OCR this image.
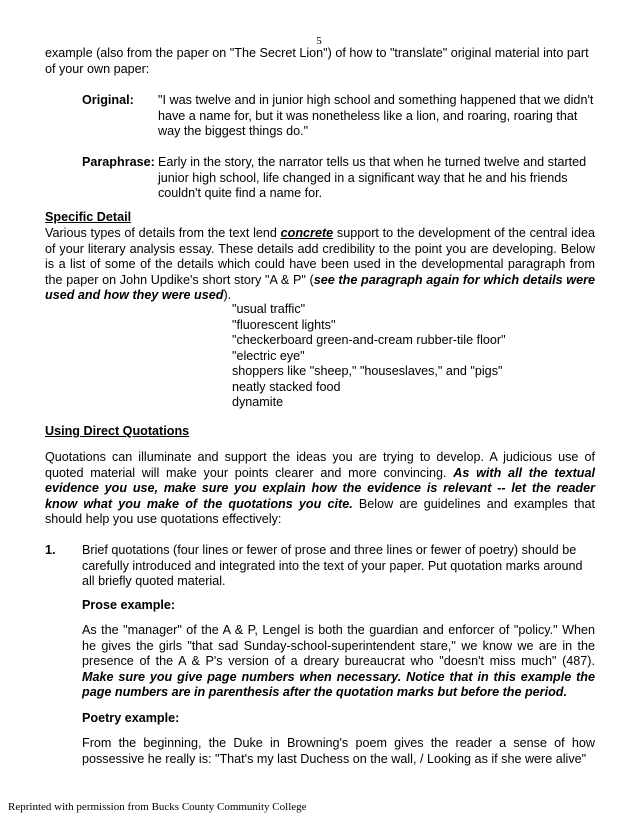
5

example (also from the paper on "The Secret Lion") of how to "translate" original material into part of your own paper:

Original: "I was twelve and in junior high school and something happened that we didn't have a name for, but it was nonetheless like a lion, and roaring, roaring that way the biggest things do."

Paraphrase: Early in the story, the narrator tells us that when he turned twelve and started junior high school, life changed in a significant way that he and his friends couldn't quite find a name for.

Specific Detail

Various types of details from the text lend concrete support to the development of the central idea of your literary analysis essay. These details add credibility to the point you are developing. Below is a list of some of the details which could have been used in the developmental paragraph from the paper on John Updike's short story "A & P" (see the paragraph again for which details were used and how they were used).

"usual traffic"
"fluorescent lights"
"checkerboard green-and-cream rubber-tile floor"
"electric eye"
shoppers like "sheep," "houseslaves," and "pigs"
neatly stacked food
dynamite
Using Direct Quotations

Quotations can illuminate and support the ideas you are trying to develop. A judicious use of quoted material will make your points clearer and more convincing. As with all the textual evidence you use, make sure you explain how the evidence is relevant -- let the reader know what you make of the quotations you cite. Below are guidelines and examples that should help you use quotations effectively:

1. Brief quotations (four lines or fewer of prose and three lines or fewer of poetry) should be carefully introduced and integrated into the text of your paper. Put quotation marks around all briefly quoted material.

Prose example:

As the "manager" of the A & P, Lengel is both the guardian and enforcer of "policy." When he gives the girls "that sad Sunday-school-superintendent stare," we know we are in the presence of the A & P's version of a dreary bureaucrat who "doesn't miss much" (487). Make sure you give page numbers when necessary. Notice that in this example the page numbers are in parenthesis after the quotation marks but before the period.

Poetry example:

From the beginning, the Duke in Browning's poem gives the reader a sense of how possessive he really is: "That's my last Duchess on the wall, / Looking as if she were alive"

Reprinted with permission from Bucks County Community College
